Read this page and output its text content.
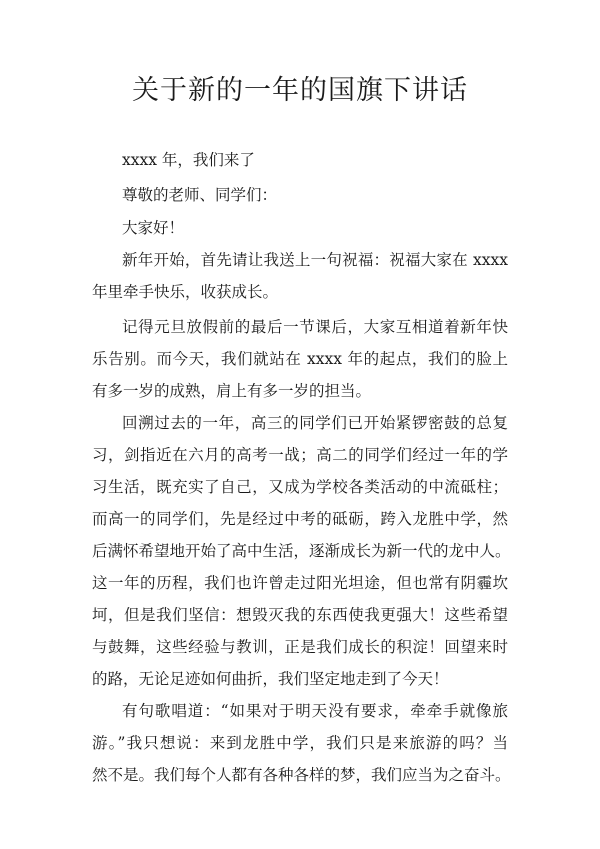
关于新的一年的国旗下讲话

xxxx 年，我们来了

尊敬的老师、同学们：

大家好！

新年开始，首先请让我送上一句祝福：祝福大家在 xxxx

年里牵手快乐，收获成长。

记得元旦放假前的最后一节课后，大家互相道着新年快

乐告别。而今天，我们就站在 xxxx 年的起点，我们的脸上

有多一岁的成熟，肩上有多一岁的担当。

回溯过去的一年，高三的同学们已开始紧锣密鼓的总复

习，剑指近在六月的高考一战；高二的同学们经过一年的学

习生活，既充实了自己，又成为学校各类活动的中流砥柱；

而高一的同学们，先是经过中考的砥砺，跨入龙胜中学，然

后满怀希望地开始了高中生活，逐渐成长为新一代的龙中人。

这一年的历程，我们也许曾走过阳光坦途，但也常有阴霾坎

坷，但是我们坚信：想毁灭我的东西使我更强大！这些希望

与鼓舞，这些经验与教训，正是我们成长的积淀！回望来时

的路，无论足迹如何曲折，我们坚定地走到了今天！

有句歌唱道：“如果对于明天没有要求，牵牵手就像旅

游。”我只想说：来到龙胜中学，我们只是来旅游的吗？当

然不是。我们每个人都有各种各样的梦，我们应当为之奋斗。
